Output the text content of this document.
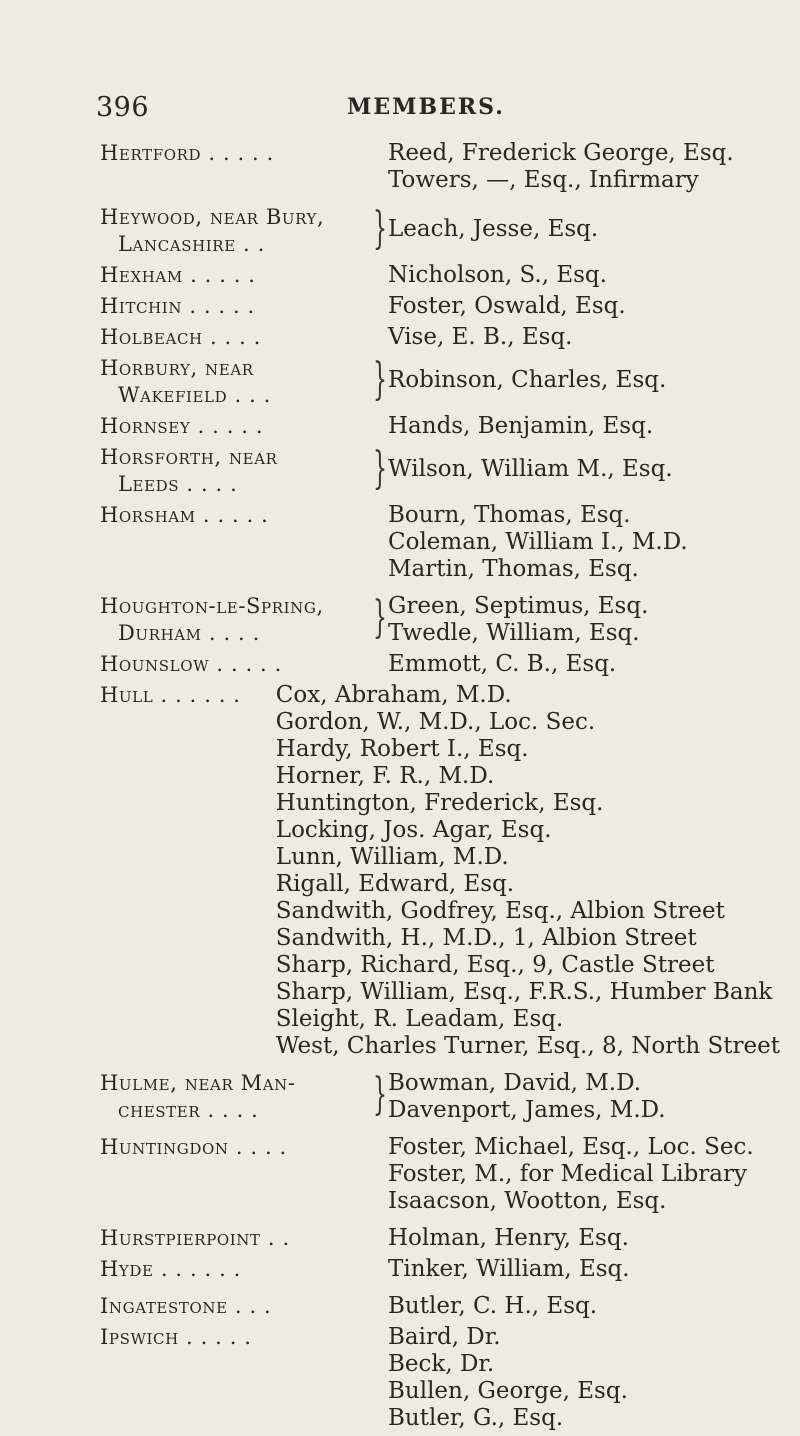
396	MEMBERS.
Hertford . . . . .	Reed, Frederick George, Esq.
Towers, —, Esq., Infirmary
Heywood, near Bury,
Lancashire . .	} Leach, Jesse, Esq.
Hexham . . . . .	Nicholson, S., Esq.
Hitchin . . . . .	Foster, Oswald, Esq.
Holbeach . . . .	Vise, E. B., Esq.
Horbury, near
Wakefield . . .	} Robinson, Charles, Esq.
Hornsey . . . . .	Hands, Benjamin, Esq.
Horsforth, near
Leeds . . . .	} Wilson, William M., Esq.
Horsham . . . . .	Bourn, Thomas, Esq.
Coleman, William I., M.D.
Martin, Thomas, Esq.
Houghton-le-Spring,
Durham . . . .	} Green, Septimus, Esq.
Twedle, William, Esq.
Hounslow . . . . .	Emmott, C. B., Esq.
Hull . . . . . .	Cox, Abraham, M.D.
Gordon, W., M.D., Loc. Sec.
Hardy, Robert I., Esq.
Horner, F. R., M.D.
Huntington, Frederick, Esq.
Locking, Jos. Agar, Esq.
Lunn, William, M.D.
Rigall, Edward, Esq.
Sandwith, Godfrey, Esq., Albion Street
Sandwith, H., M.D., 1, Albion Street
Sharp, Richard, Esq., 9, Castle Street
Sharp, William, Esq., F.R.S., Humber Bank
Sleight, R. Leadam, Esq.
West, Charles Turner, Esq., 8, North Street
Hulme, near Man-
chester . . . .	} Bowman, David, M.D.
Davenport, James, M.D.
Huntingdon . . . .	Foster, Michael, Esq., Loc. Sec.
Foster, M., for Medical Library
Isaacson, Wootton, Esq.
Hurstpierpoint . .	Holman, Henry, Esq.
Hyde . . . . . .	Tinker, William, Esq.
Ingatestone . . .	Butler, C. H., Esq.
Ipswich . . . . .	Baird, Dr.
Beck, Dr.
Bullen, George, Esq.
Butler, G., Esq.
